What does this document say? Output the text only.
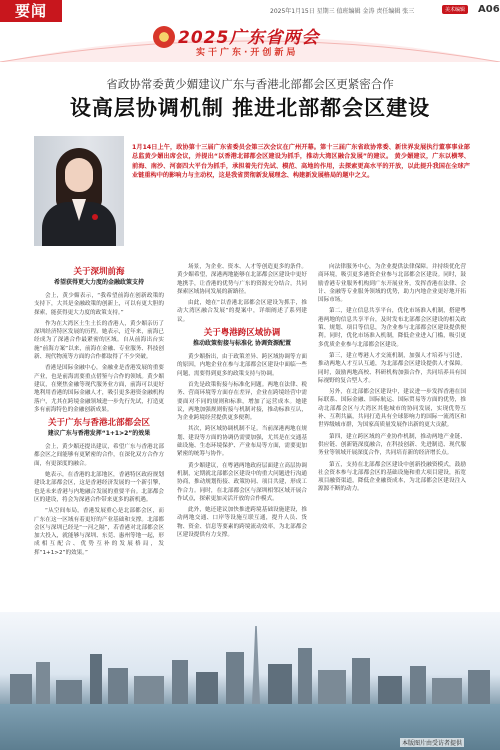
要闻	2025年1月15日 星期三 值班编辑 金涛 责任编辑 张三	美术编辑	A06
2025广东省两会
实干广东·开创新局
省政协常委黄少媚建议广东与香港北部都会区更紧密合作
设高层协调机制 推进北部都会区建设
1月14日上午，政协第十三届广东省委员会第三次会议在广州开幕。第十三届广东省政协常委、新世界发展执行董事事业部总监黄少媚出席会议，并提出“以香港北部都会区建设为抓手，推动大湾区融合发展”的建议。 黄少媚建议，广东以横琴、前海、南沙、河套四大平台为抓手，承担着先行先试、模范、高地的作用，去探索更高水平的开放，以此提升我国在全球产业链重构中的影响力与主动权，这是我省贯彻新发展理念、构建新发展格局的题中之义。
关于深圳前海
希望获得更大力度的金融政策支持

会上，黄少媚表示，“我希望前海在创新政策的支持下，大其是金融政策的创新上，可以有更大胆的探索，能获得更大力度的政策支持。”

作为在大湾区土生土长的香港人，黄少媚亲历了深圳经济特区发展的历程。她表示，近年来，前海已经成为了深港合作最紧密的区域。自从前海出台实施“前海方案”以来，前海在金融、专业服务、科技创新、现代物流等方面的合作都取得了不少突破。

香港是国际金融中心，金融业是香港发展的重要产业，也是前海需要重点借鉴与合作的领域。黄少媚建议，在聚焦金融等现代服务业方面，前海可以更好地利用香港的国际金融人才，吸引更多港资金融机构落户，尤其在跨境金融领域进一步先行先试，打造更多有前海特色的金融创新成果。

关于广东与香港北部都会区
建议广东与香港发挥“1+1>2”的效果

会上，黄少媚还提出建议，希望广东与香港北部都会区之间能够有更紧密的合作，在深化双方合作方面，有更深度的融合。

她表示，在香港的北部地区，香港特区政府规划建设北部都会区，这是香港经济发展的一个新引擎，也是未来香港与内地融合发展的重要平台。北部都会区的建设，将会为深港合作带来更多的新机遇。

“从空间布局，香港发展重心是北部都会区，而广东在这一区域有着更好的产业基础和支撑。北部都会区与深圳已经是“一河之隔”，若香港对北部都会区加大投入，就能够与深圳、东莞、惠州等地一起，形成相互配合、优势互补的发展格局，发挥“1+1>2”的效果。”

场景，为企业、资本、人才等创造更多的条件。黄少媚希望，深港两地能够在北部都会区建设中更好地携手，让香港的优势与广东的资源充分结合，共同探索区域协同发展的新路径。

由此，她在“以香港北部都会区建设为抓手，推动大湾区融合发展”的提案中，详细阐述了系列建议。

关于粤港跨区域协调
推动政策衔接与标准化 协调资源配置

黄少媚指出，由于政策差异、跨区域协调等方面的原因，内地企业在参与北部都会区建设中面临一些问题，需要得到更多的政策支持与协调。

首先是政策衔接与标准化问题。两地在法律、税务、营商环境等方面存在差异，企业在跨境经营中需要面对不同的规则和标准，增加了运营成本。她建议，两地加强规则衔接与机制对接，推动标准互认，为企业跨境经营提供更多便利。

其次，跨区域协调机制不足。当前深港两地在规划、建设等方面的协调仍需要加强，尤其是在交通基础设施、生态环境保护、产业布局等方面，需要更加紧密的统筹与协作。

黄少媚建议，在粤港两地政府层面建立高层协调机制，定期就北部都会区建设中的重大问题进行沟通协商，推动规划衔接、政策协同、项目共建，形成工作合力。同时，在北部都会区与深圳相邻区域开展合作试点，探索更加灵活开放的合作模式。

此外，她还建议加快推进跨境基础设施建设，推动两地交通、口岸等设施互联互通，提升人员、货物、资金、信息等要素的跨境流动效率，为北部都会区建设提供有力支撑。

向法律服务中心，为企业提供法律保障。并持续优化营商环境，吸引更多港资企业参与北部都会区建设。同时，鼓励香港专业服务机构到广东开展业务，发挥香港在法律、会计、金融等专业服务领域的优势，助力内地企业更好地开拓国际市场。

第二，建立信息共享平台，优化市场准入机制，搭建粤港两地的信息共享平台，及时发布北部都会区建设的相关政策、规划、项目等信息，为企业参与北部都会区建设提供便利。同时，优化市场准入机制，降低企业进入门槛，吸引更多优质企业参与北部都会区建设。

第三，建立粤港人才交流机制，加强人才培养与引进，推动两地人才互认互通，为北部都会区建设提供人才保障。同时，鼓励两地高校、科研机构加强合作，共同培养具有国际视野的复合型人才。

另外，在北部都会区建设中，建议进一步发挥香港在国际联系、国际金融、国际航运、国际贸易等方面的优势，推动北部都会区与大湾区其他城市的协同发展，实现优势互补、互利共赢，共同打造具有全球影响力的国际一流湾区和世界级城市群，为国家高质量发展作出新的更大贡献。

第四，建立跨区域的产业协作机制，推动两地产业链、供应链、创新链深度融合，在科技创新、先进制造、现代服务业等领域开展深度合作，共同培育新的经济增长点。

第五，支持在北部都会区建设中创新投融资模式，鼓励社会资本参与北部都会区的基础设施和重大项目建设，拓宽项目融资渠道，降低企业融资成本，为北部都会区建设注入源源不断的动力。

本版图片由受访者提供
